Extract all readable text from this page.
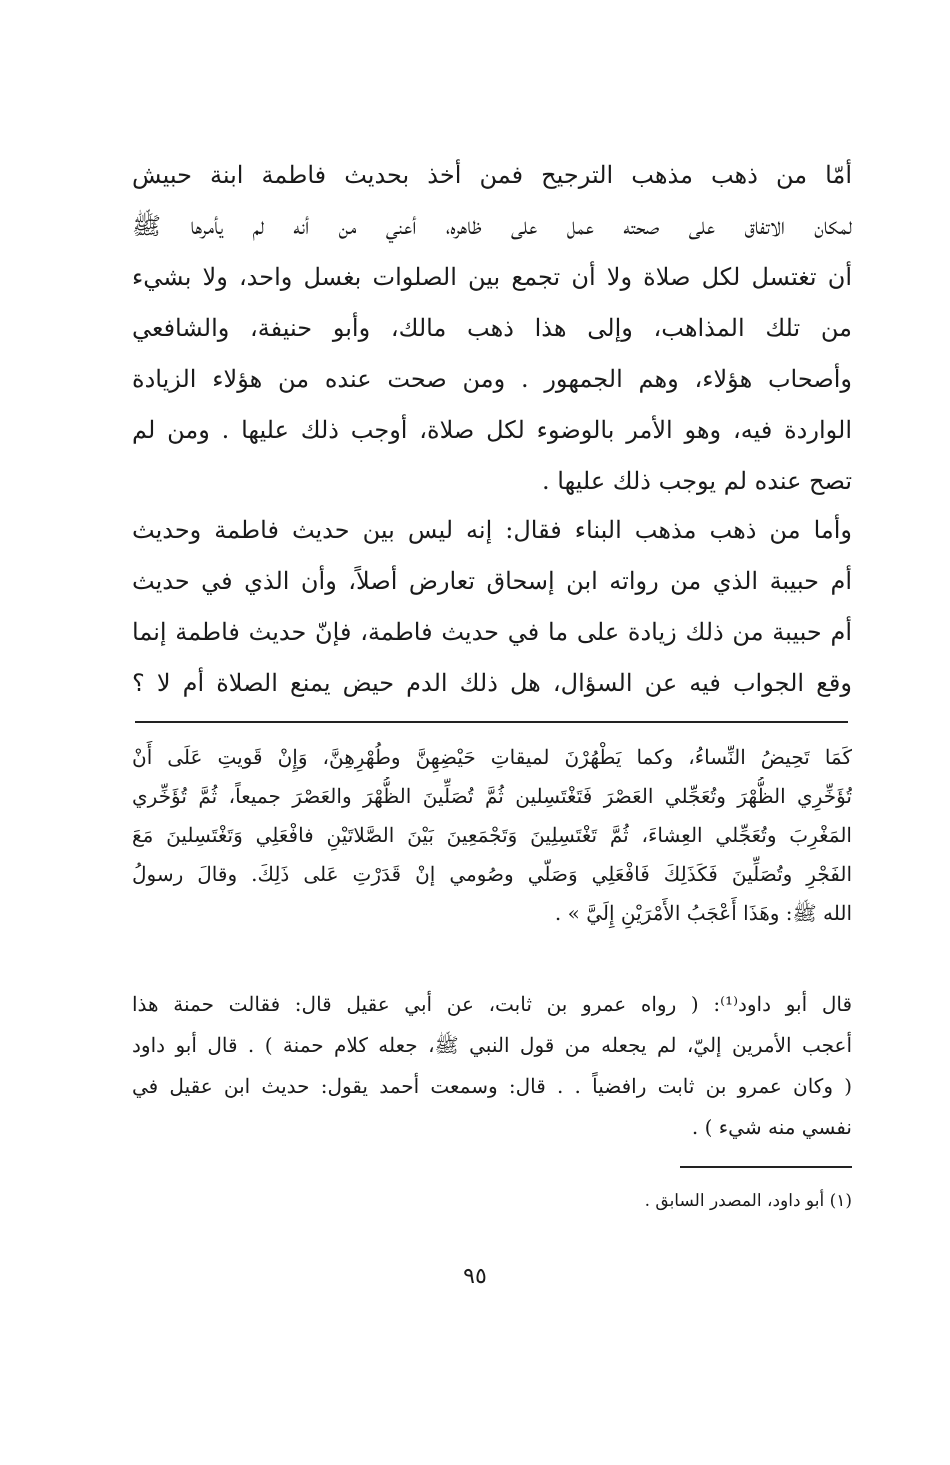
أمّا من ذهب مذهب الترجيح فمن أخذ بحديث فاطمة ابنة حبيش
لمكان الاتفاق على صحته عمل على ظاهره، أعني من أنه لم يأمرها ﷺ
أن تغتسل لكل صلاة ولا أن تجمع بين الصلوات بغسل واحد، ولا بشيء
من تلك المذاهب، وإلى هذا ذهب مالك، وأبو حنيفة، والشافعي
وأصحاب هؤلاء، وهم الجمهور . ومن صحت عنده من هؤلاء الزيادة
الواردة فيه، وهو الأمر بالوضوء لكل صلاة، أوجب ذلك عليها . ومن لم
تصح عنده لم يوجب ذلك عليها .
وأما من ذهب مذهب البناء فقال: إنه ليس بين حديث فاطمة وحديث
أم حبيبة الذي من رواته ابن إسحاق تعارض أصلاً، وأن الذي في حديث
أم حبيبة من ذلك زيادة على ما في حديث فاطمة، فإنّ حديث فاطمة إنما
وقع الجواب فيه عن السؤال، هل ذلك الدم حيض يمنع الصلاة أم لا ؟
كَمَا تَحِيضُ النِّساءُ، وكما يَطْهُرْنَ لميقاتِ حَيْضِهِنَّ وطُهْرِهِنَّ، وَإِنْ قَويتِ عَلَى أَنْ
تُؤَخِّرِي الظُّهْرَ وتُعَجِّلي العَصْرَ فَتَغْتَسِلين ثُمَّ تُصَلِّينَ الظُّهْرَ والعَصْرَ جميعاً، ثُمَّ تُؤَخِّري
المَغْرِبَ وتُعَجِّلي العِشاءَ، ثُمَّ تَغْتَسِلِينَ وَتَجْمَعِينَ بَيْنَ الصَّلاتَيْنِ فافْعَلِي وَتَغْتَسِلينَ مَعَ
الفَجْرِ وتُصَلِّينَ فَكَذَلِكَ فَافْعَلِي وَصَلّي وصُومي إنْ قَدَرْتِ عَلى ذَلِكَ. وقالَ رسولُ
الله ﷺ: وهَذَا أَعْجَبُ الأَمْرَيْنِ إِلَيَّ » .
قال أبو داود⁽¹⁾: ( رواه عمرو بن ثابت، عن أبي عقيل قال: فقالت حمنة هذا
أعجب الأمرين إليّ، لم يجعله من قول النبي ﷺ، جعله كلام حمنة ) . قال أبو داود
( وكان عمرو بن ثابت رافضياً . . قال: وسمعت أحمد يقول: حديث ابن عقيل في
نفسي منه شيء ) .
(١) أبو داود، المصدر السابق .
٩٥
